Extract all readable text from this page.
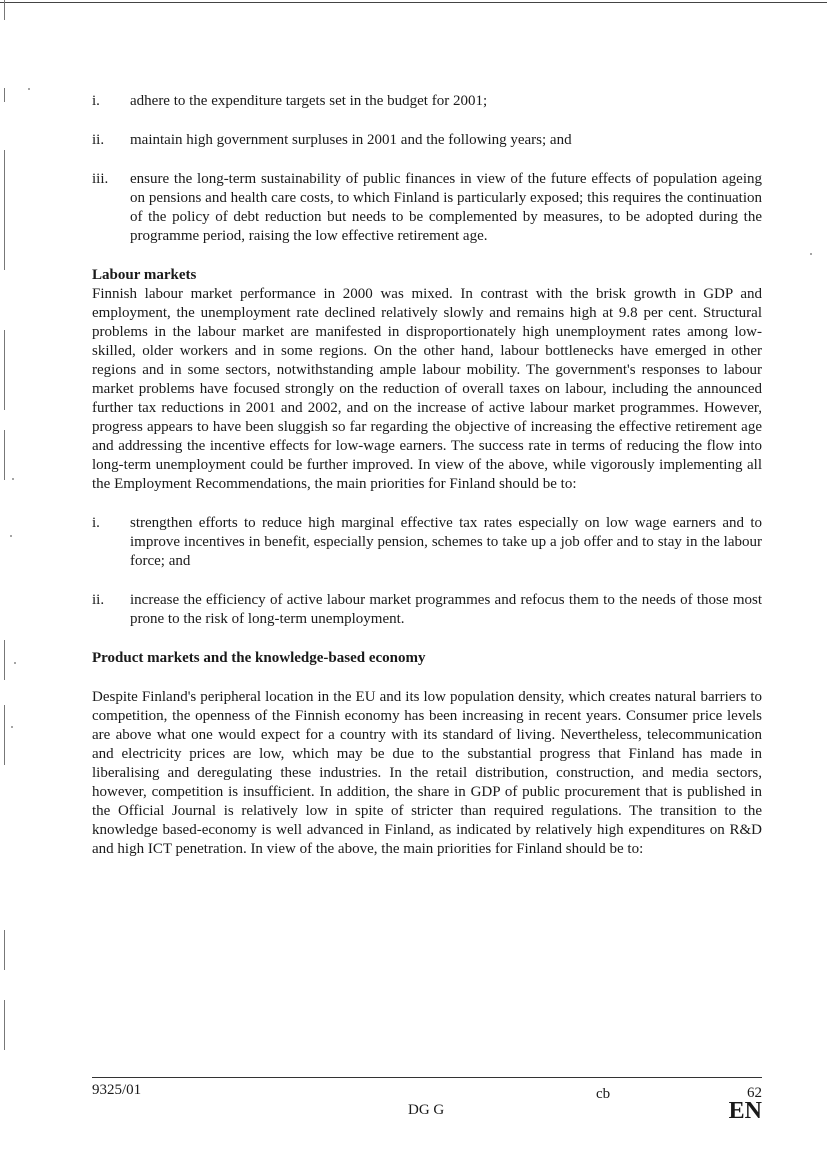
i.	adhere to the expenditure targets set in the budget for 2001;
ii.	maintain high government surpluses in 2001 and the following years; and
iii.	ensure the long-term sustainability of public finances in view of the future effects of population ageing on pensions and health care costs, to which Finland is particularly exposed; this requires the continuation of the policy of debt reduction but needs to be complemented by measures, to be adopted during the programme period, raising the low effective retirement age.
Labour markets

Finnish labour market performance in 2000 was mixed. In contrast with the brisk growth in GDP and employment, the unemployment rate declined relatively slowly and remains high at 9.8 per cent. Structural problems in the labour market are manifested in disproportionately high unemployment rates among low-skilled, older workers and in some regions. On the other hand, labour bottlenecks have emerged in other regions and in some sectors, notwithstanding ample labour mobility. The government's responses to labour market problems have focused strongly on the reduction of overall taxes on labour, including the announced further tax reductions in 2001 and 2002, and on the increase of active labour market programmes. However, progress appears to have been sluggish so far regarding the objective of increasing the effective retirement age and addressing the incentive effects for low-wage earners. The success rate in terms of reducing the flow into long-term unemployment could be further improved. In view of the above, while vigorously implementing all the Employment Recommendations, the main priorities for Finland should be to:

i.	strengthen efforts to reduce high marginal effective tax rates especially on low wage earners and to improve incentives in benefit, especially pension, schemes to take up a job offer and to stay in the labour force; and
ii.	increase the efficiency of active labour market programmes and refocus them to the needs of those most prone to the risk of long-term unemployment.
Product markets and the knowledge-based economy

Despite Finland's peripheral location in the EU and its low population density, which creates natural barriers to competition, the openness of the Finnish economy has been increasing in recent years. Consumer price levels are above what one would expect for a country with its standard of living. Nevertheless, telecommunication and electricity prices are low, which may be due to the substantial progress that Finland has made in liberalising and deregulating these industries. In the retail distribution, construction, and media sectors, however, competition is insufficient. In addition, the share in GDP of public procurement that is published in the Official Journal is relatively low in spite of stricter than required regulations. The transition to the knowledge based-economy is well advanced in Finland, as indicated by relatively high expenditures on R&D and high ICT penetration. In view of the above, the main priorities for Finland should be to:

9325/01	cb	62
DG G	EN
